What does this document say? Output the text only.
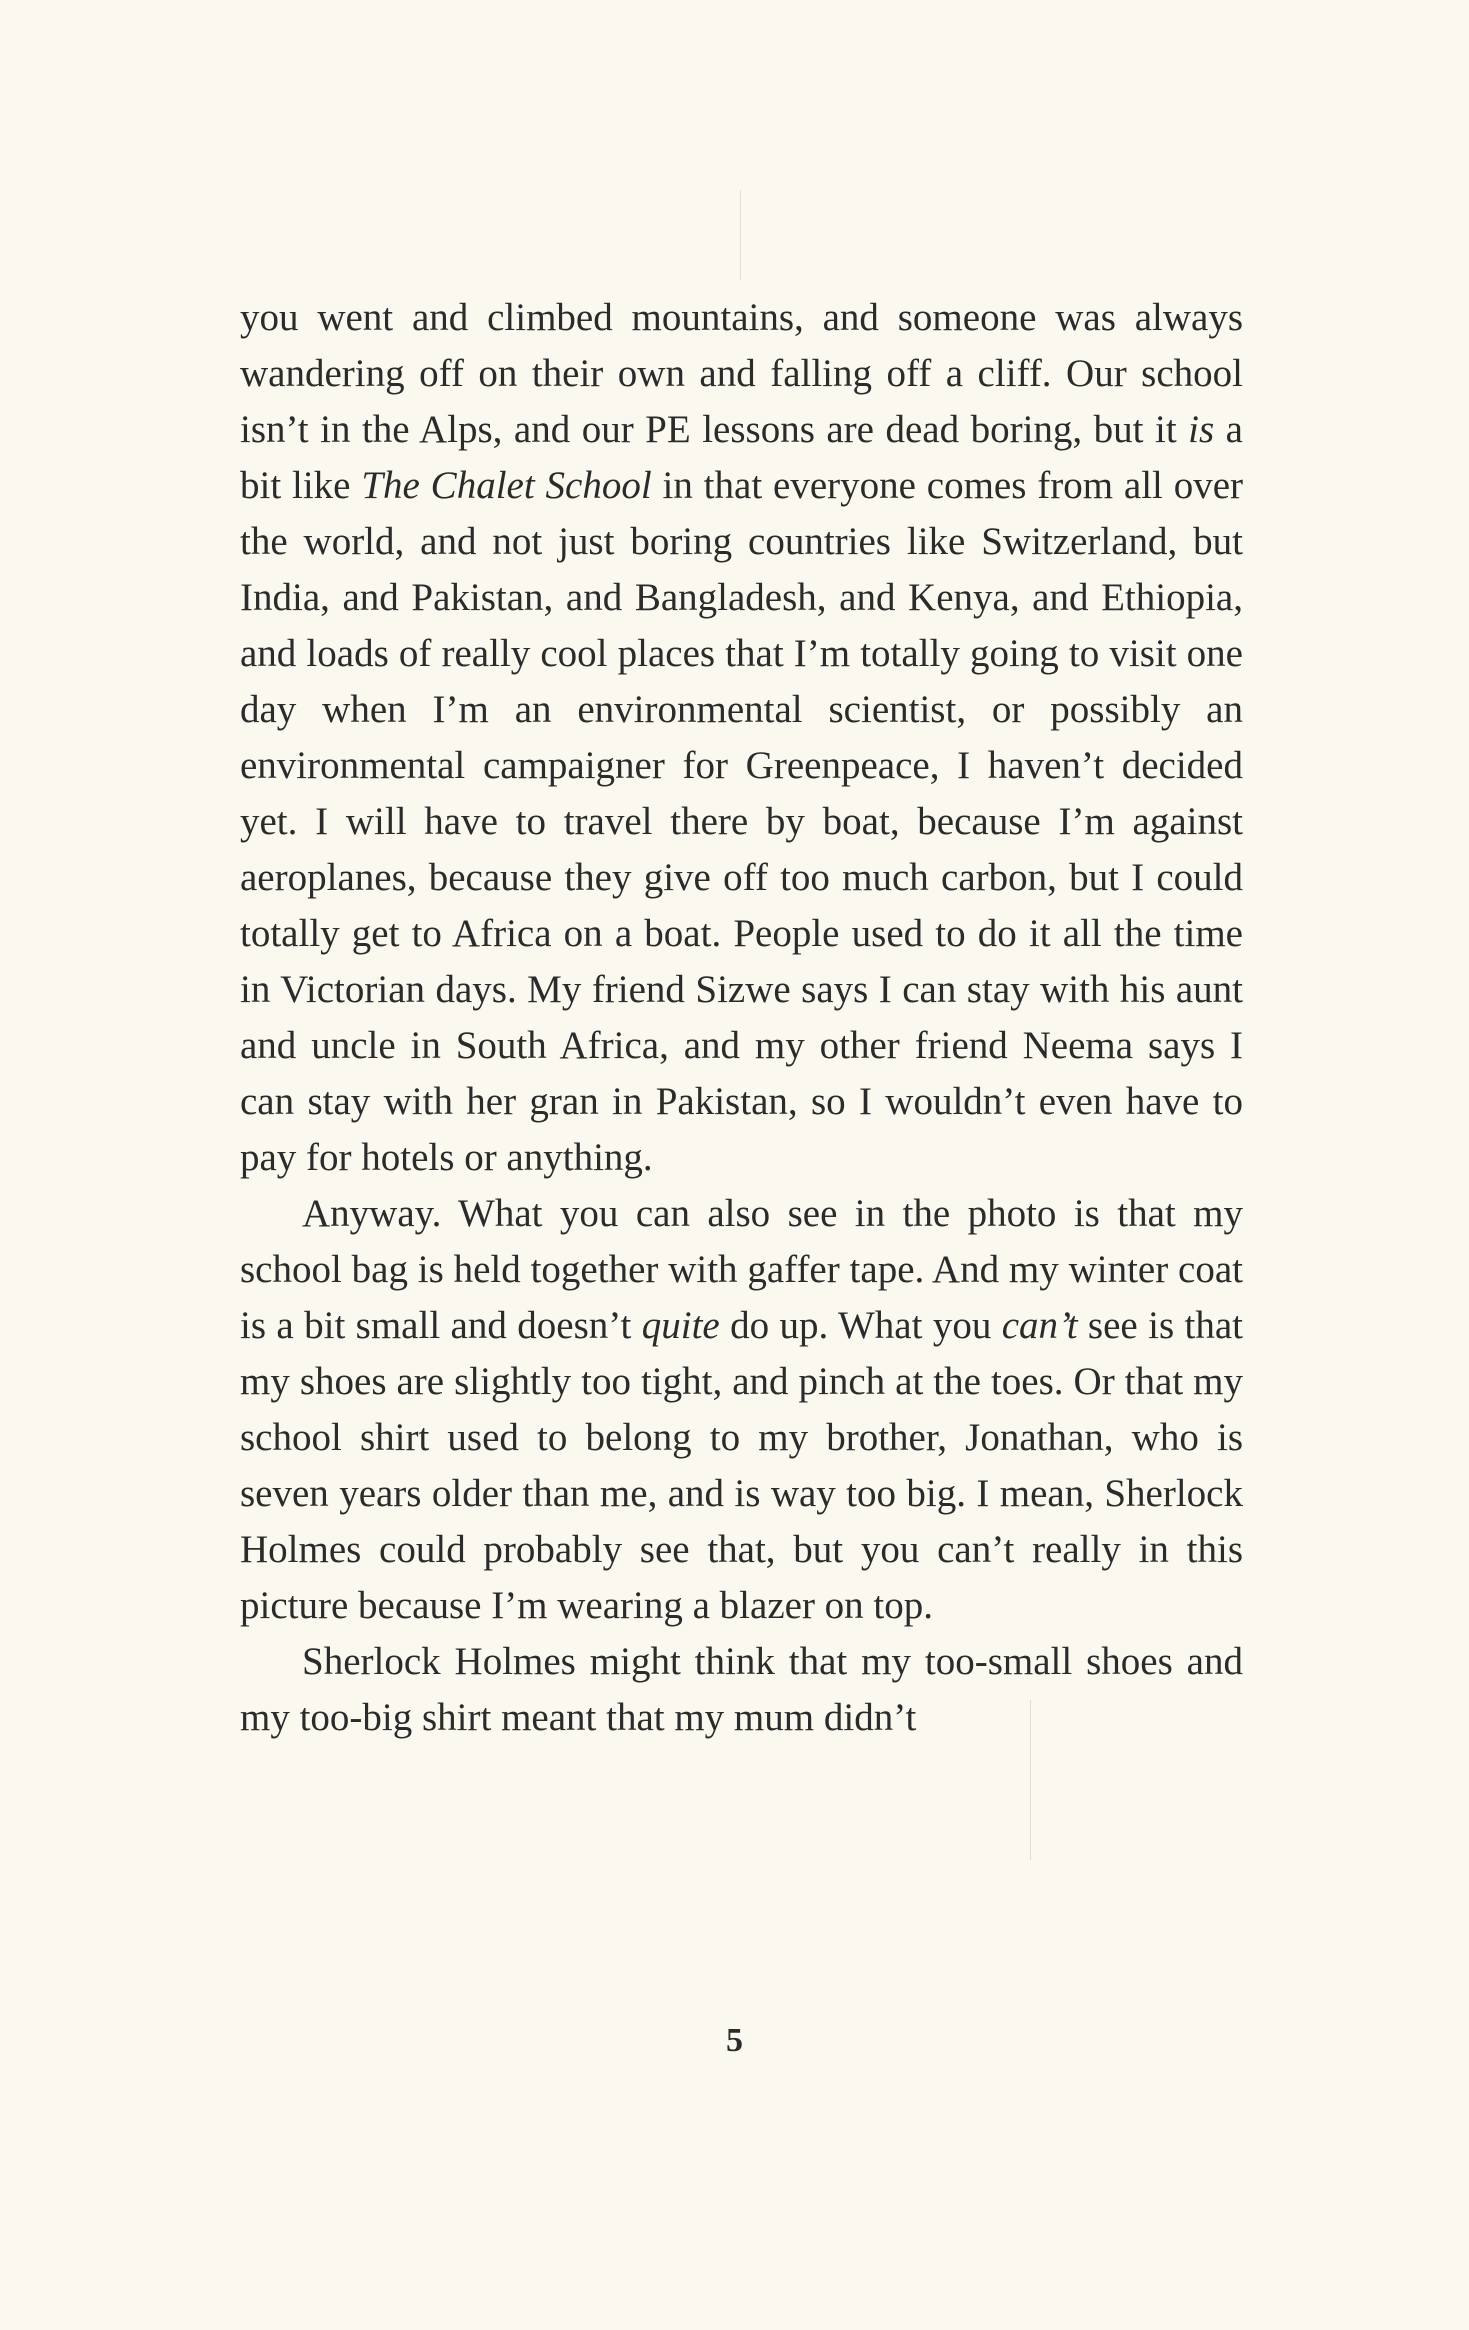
you went and climbed mountains, and someone was always wandering off on their own and falling off a cliff. Our school isn’t in the Alps, and our PE lessons are dead boring, but it is a bit like The Chalet School in that everyone comes from all over the world, and not just boring countries like Switzerland, but India, and Pakistan, and Bangladesh, and Kenya, and Ethiopia, and loads of really cool places that I’m totally going to visit one day when I’m an environmental scientist, or possibly an environmental campaigner for Greenpeace, I haven’t decided yet. I will have to travel there by boat, because I’m against aeroplanes, because they give off too much carbon, but I could totally get to Africa on a boat. People used to do it all the time in Victorian days. My friend Sizwe says I can stay with his aunt and uncle in South Africa, and my other friend Neema says I can stay with her gran in Pakistan, so I wouldn’t even have to pay for hotels or anything.

Anyway. What you can also see in the photo is that my school bag is held together with gaffer tape. And my winter coat is a bit small and doesn’t quite do up. What you can’t see is that my shoes are slightly too tight, and pinch at the toes. Or that my school shirt used to belong to my brother, Jonathan, who is seven years older than me, and is way too big. I mean, Sherlock Holmes could probably see that, but you can’t really in this picture because I’m wearing a blazer on top.

Sherlock Holmes might think that my too-small shoes and my too-big shirt meant that my mum didn’t

5
